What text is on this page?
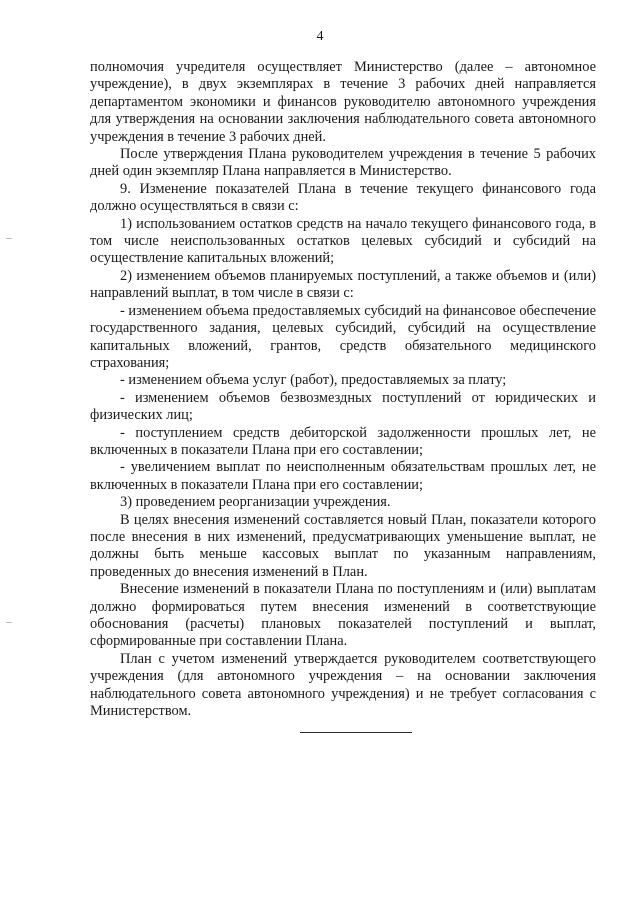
4

полномочия учредителя осуществляет Министерство (далее – автономное учреждение), в двух экземплярах в течение 3 рабочих дней направляется департаментом экономики и финансов руководителю автономного учреждения для утверждения на основании заключения наблюдательного совета автономного учреждения в течение 3 рабочих дней.

После утверждения Плана руководителем учреждения в течение 5 рабочих дней один экземпляр Плана направляется в Министерство.

9. Изменение показателей Плана в течение текущего финансового года должно осуществляться в связи с:

1) использованием остатков средств на начало текущего финансового года, в том числе неиспользованных остатков целевых субсидий и субсидий на осуществление капитальных вложений;

2) изменением объемов планируемых поступлений, а также объемов и (или) направлений выплат, в том числе в связи с:

- изменением объема предоставляемых субсидий на финансовое обеспечение государственного задания, целевых субсидий, субсидий на осуществление капитальных вложений, грантов, средств обязательного медицинского страхования;

- изменением объема услуг (работ), предоставляемых за плату;

- изменением объемов безвозмездных поступлений от юридических и физических лиц;

- поступлением средств дебиторской задолженности прошлых лет, не включенных в показатели Плана при его составлении;

- увеличением выплат по неисполненным обязательствам прошлых лет, не включенных в показатели Плана при его составлении;

3) проведением реорганизации учреждения.

В целях внесения изменений составляется новый План, показатели которого после внесения в них изменений, предусматривающих уменьшение выплат, не должны быть меньше кассовых выплат по указанным направлениям, проведенных до внесения изменений в План.

Внесение изменений в показатели Плана по поступлениям и (или) выплатам должно формироваться путем внесения изменений в соответствующие обоснования (расчеты) плановых показателей поступлений и выплат, сформированные при составлении Плана.

План с учетом изменений утверждается руководителем соответствующего учреждения (для автономного учреждения – на основании заключения наблюдательного совета автономного учреждения) и не требует согласования с Министерством.
